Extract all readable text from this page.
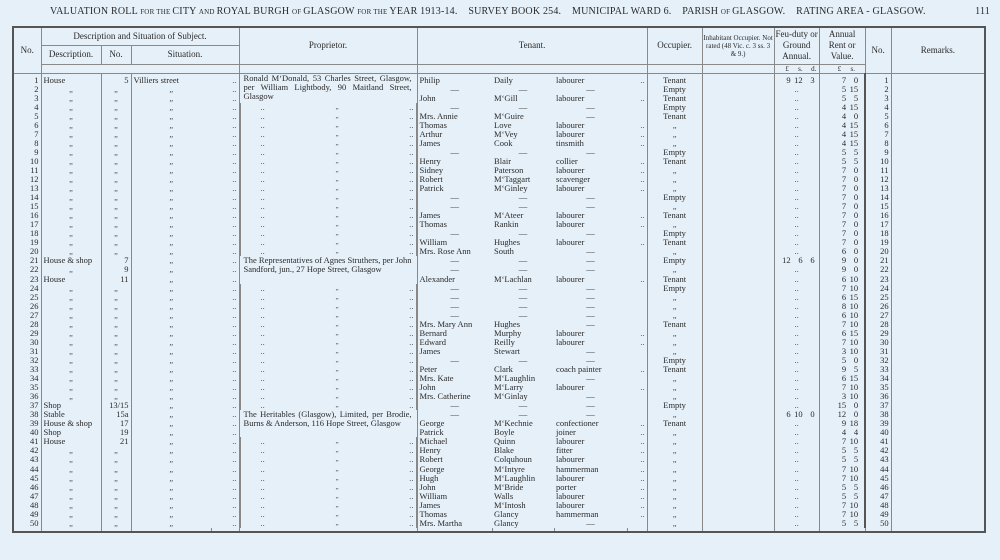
VALUATION ROLL FOR THE CITY AND ROYAL BURGH OF GLASGOW FOR THE YEAR 1913-14.    SURVEY BOOK 254.    MUNICIPAL WARD 6.    PARISH OF GLASGOW.    RATING AREA - GLASGOW.	111
No.	Description and Situation of Subject.				Proprietor.	Tenant.				Occupier.	Inhabitant Occupier. Not rated (48 Vic. c. 3 ss. 3 & 9.)	Feu-duty or Ground Annual.	Annual Rent or Value.	No.	Remarks.
	Description.	No.	Situation.												
												£ s. d.	£ s.		
1	House	5	Villiers street	..	Ronald M‘Donald, 53 Charles Street, Glasgow, per William Lightbody, 90 Maitland Street, Glasgow	Philip	Daily	labourer	..	Tenant		9 12 3	7 0	1	
2	„	„	„	..		—	—	—		Empty		..	5 15	2	
3	„	„	„	..		John	M‘Gill	labourer	..	Tenant		..	5 5	3	
4	„	„	„	..		..	„	..	—	—	—		Empty		..	4 15	4	
5	„	„	„	..		..	„	.. Mrs. Annie	M‘Guire	—		Tenant		..	4 0	5	
6	„	„	„	..		..	„	.. Thomas	Love	labourer	..	„		..	4 15	6	
7	„	„	„	..		..	„	.. Arthur	M‘Vey	labourer	..	„		..	4 15	7	
8	„	„	„	..		..	„	.. James	Cook	tinsmith	..	„		..	4 15	8	
9	„	„	„	..		..	„	..	—	—	—		Empty		..	5 5	9	
10	„	„	„	..		..	„	.. Henry	Blair	collier	..	Tenant		..	5 5	10	
11	„	„	„	..		..	„	.. Sidney	Paterson	labourer	..	„		..	7 0	11	
12	„	„	„	..		..	„	.. Robert	M‘Taggart	scavenger	..	„		..	7 0	12	
13	„	„	„	..		..	„	.. Patrick	M‘Ginley	labourer	..	„		..	7 0	13	
14	„	„	„	..		..	„	..	—	—	—		Empty		..	7 0	14	
15	„	„	„	..		..	„	..	—	—	—		„		..	7 0	15	
16	„	„	„	..		..	„	.. James	M‘Ateer	labourer	..	Tenant		..	7 0	16	
17	„	„	„	..		..	„	.. Thomas	Rankin	labourer	..	„		..	7 0	17	
18	„	„	„	..		..	„	..	—	—	—		Empty		..	7 0	18	
19	„	„	„	..		..	„	.. William	Hughes	labourer	..	Tenant		..	7 0	19	
20	„	„	„	..		..	„	.. Mrs. Rose Ann	South	—		„		..	6 0	20	
21	House & shop	7	„	..	The Representatives of Agnes Struthers, per John Sandford, jun., 27 Hope Street, Glasgow	—	—	—		Empty		12 6 6	9 0	21	
22	„	9	„	..		—	—	—		„		..	9 0	22	
23	House	11	„	..		Alexander	M‘Lachlan	labourer	..	Tenant		..	6 10	23	
24	„	„	„	..		..	„	..	—	—	—		Empty		..	7 10	24	
25	„	„	„	..		..	„	..	—	—	—		„		..	6 15	25	
26	„	„	„	..		..	„	..	—	—	—		„		..	8 10	26	
27	„	„	„	..		..	„	..	—	—	—		„		..	6 10	27	
28	„	„	„	..		..	„	.. Mrs. Mary Ann	Hughes	—		Tenant		..	7 10	28	
29	„	„	„	..		..	„	.. Bernard	Murphy	labourer	..	„		..	6 15	29	
30	„	„	„	..		..	„	.. Edward	Reilly	labourer	..	„		..	7 10	30	
31	„	„	„	..		..	„	.. James	Stewart	—		„		..	3 10	31	
32	„	„	„	..		..	„	..	—	—	—		Empty		..	5 0	32	
33	„	„	„	..		..	„	.. Peter	Clark	coach painter	..	Tenant		..	9 5	33	
34	„	„	„	..		..	„	.. Mrs. Kate	M‘Laughlin	—		„		..	6 15	34	
35	„	„	„	..		..	„	.. John	M‘Larry	labourer	..	„		..	7 10	35	
36	„	„	„	..		..	„	.. Mrs. Catherine	M‘Ginlay	—		„		..	3 10	36	
37	Shop	13/15	„	..		..	„	..	—	—	—		Empty		..	15 0	37	
38	Stable	15a	„	..	The Heritables (Glasgow), Limited, per Brodie, Burns & Anderson, 116 Hope Street, Glasgow	—	—	—		„		6 10 0	12 0	38	
39	House & shop	17	„	..		George	M‘Kechnie	confectioner	..	Tenant		..	9 18	39	
40	Shop	19	„	..		Patrick	Boyle	joiner	..	„		..	4 4	40	
41	House	21	„	..		..	„	.. Michael	Quinn	labourer	..	„		..	7 10	41	
42	„	„	„	..		..	„	.. Henry	Blake	fitter	..	„		..	5 5	42	
43	„	„	„	..		..	„	.. Robert	Colquhoun	labourer	..	„		..	5 5	43	
44	„	„	„	..		..	„	.. George	M‘Intyre	hammerman	..	„		..	7 10	44	
45	„	„	„	..		..	„	.. Hugh	M‘Laughlin	labourer	..	„		..	7 10	45	
46	„	„	„	..		..	„	.. John	M‘Bride	porter	..	„		..	5 5	46	
47	„	„	„	..		..	„	.. William	Walls	labourer	..	„		..	5 5	47	
48	„	„	„	..		..	„	.. James	M‘Intosh	labourer	..	„		..	7 10	48	
49	„	„	„	..		..	„	.. Thomas	Glancy	hammerman	..	„		..	7 10	49	
50	„	„	„	..		..	„	.. Mrs. Martha	Glancy	—		„		..	5 5	50	
